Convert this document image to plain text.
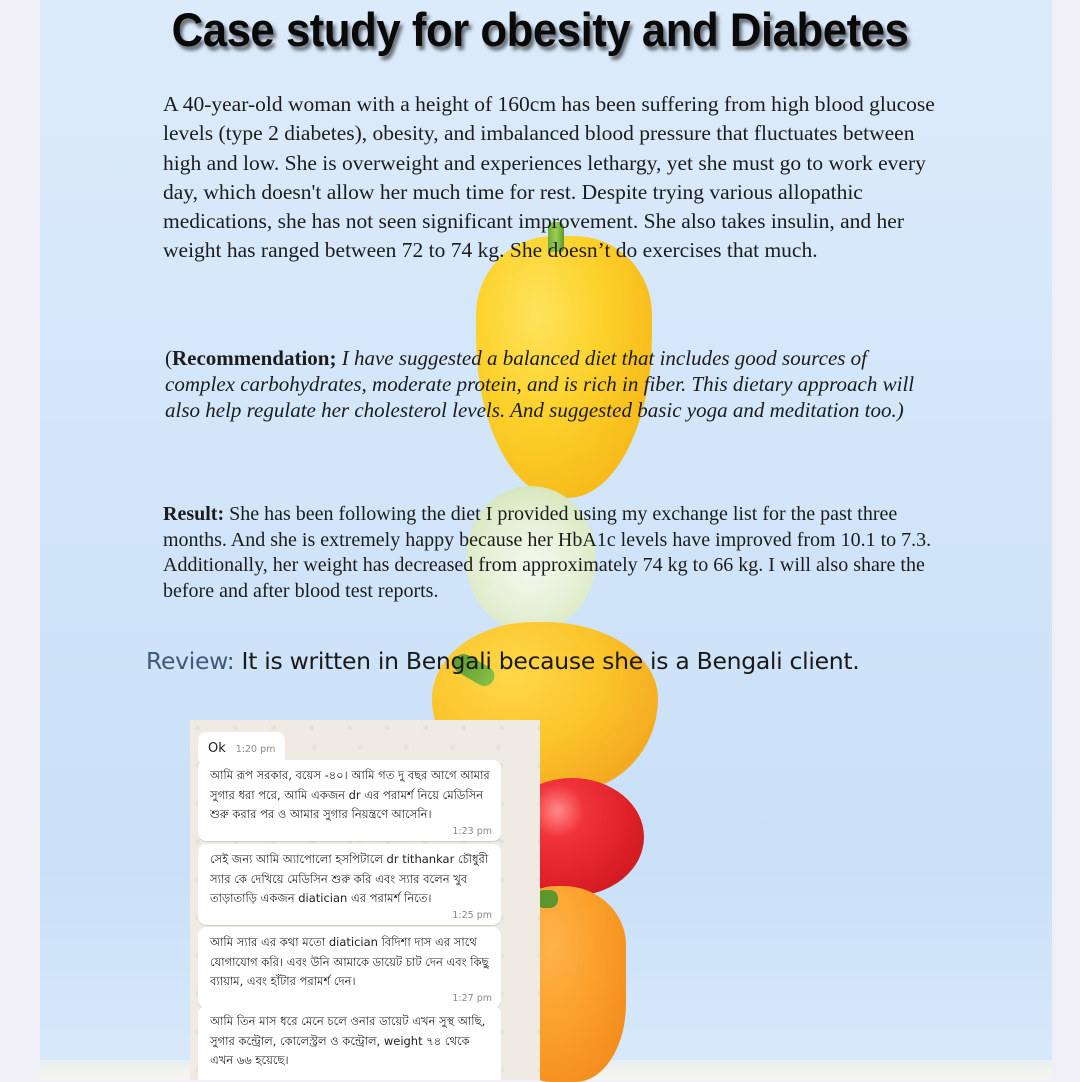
Case study for obesity and Diabetes

A 40-year-old woman with a height of 160cm has been suffering from high blood glucose levels (type 2 diabetes), obesity, and imbalanced blood pressure that fluctuates between high and low. She is overweight and experiences lethargy, yet she must go to work every day, which doesn't allow her much time for rest. Despite trying various allopathic medications, she has not seen significant improvement. She also takes insulin, and her weight has ranged between 72 to 74 kg. She doesn’t do exercises that much.

(Recommendation; I have suggested a balanced diet that includes good sources of complex carbohydrates, moderate protein, and is rich in fiber. This dietary approach will also help regulate her cholesterol levels. And suggested basic yoga and meditation too.)

Result: She has been following the diet I provided using my exchange list for the past three months. And she is extremely happy because her HbA1c levels have improved from 10.1 to 7.3. Additionally, her weight has decreased from approximately 74 kg to 66 kg. I will also share the before and after blood test reports.

Review: It is written in Bengali because she is a Bengali client.

Ok 1:20 pm
আমি রূপ সরকার, বয়েস -৪০। আমি গত দু বছর আগে আমার সুগার ধরা পরে, আমি একজন dr এর পরামর্শ নিয়ে মেডিসিন শুরু করার পর ও আমার সুগার নিয়ন্ত্রণে আসেনি।
1:23 pm
সেই জন্য আমি অ্যাপোলো হসপিটালে dr tithankar চৌধুরী স্যার কে দেখিয়ে মেডিসিন শুরু করি এবং স্যার বলেন খুব তাড়াতাড়ি একজন diatician এর পরামর্শ নিতে।
1:25 pm
আমি স্যার এর কথা মতো diatician বিদিশা দাস এর সাথে যোগাযোগ করি। এবং উনি আমাকে ডায়েট চাট দেন এবং কিছু ব্যায়াম, এবং হাঁটার পরামর্শ দেন।
1:27 pm
আমি তিন মাস ধরে মেনে চলে ওনার ডায়েট এখন সুস্থ আছি, সুগার কন্ট্রোল, কোলেস্ট্রল ও কন্ট্রোল, weight ৭৪ থেকে এখন ৬৬ হয়েছে।
